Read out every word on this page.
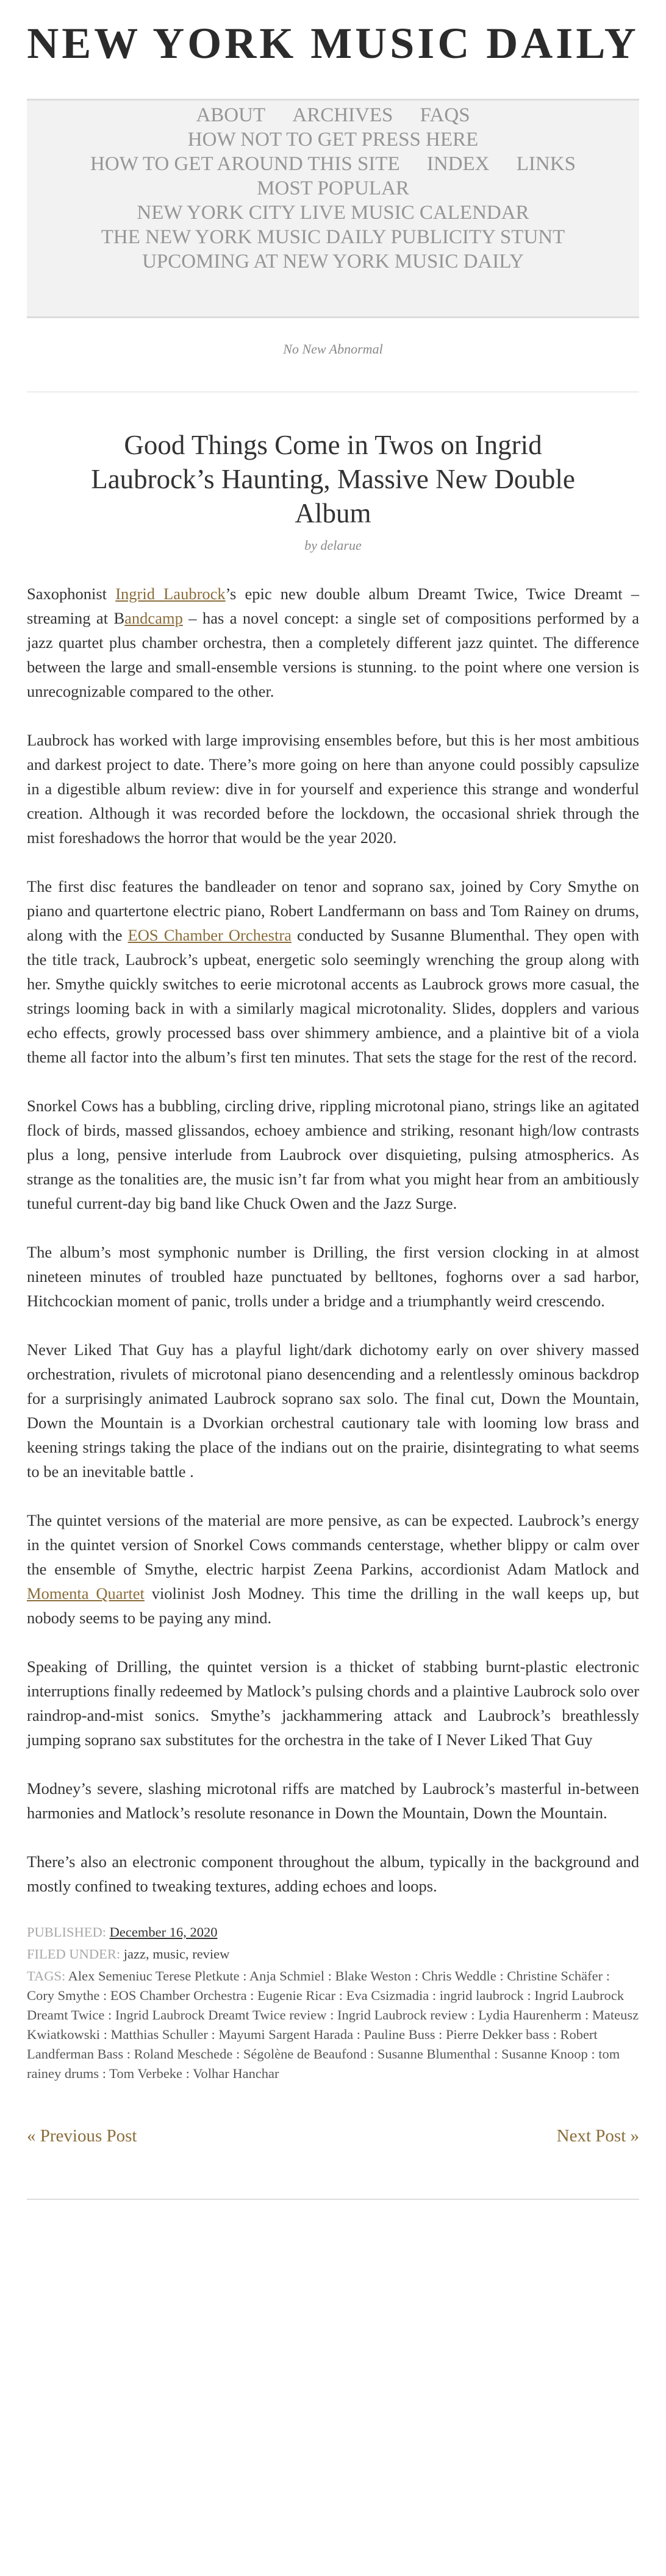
NEW YORK MUSIC DAILY
ABOUT ARCHIVES FAQS
HOW NOT TO GET PRESS HERE
HOW TO GET AROUND THIS SITE INDEX LINKS
MOST POPULAR
NEW YORK CITY LIVE MUSIC CALENDAR
THE NEW YORK MUSIC DAILY PUBLICITY STUNT
UPCOMING AT NEW YORK MUSIC DAILY
No New Abnormal
Good Things Come in Twos on Ingrid Laubrock’s Haunting, Massive New Double Album
by delarue

Saxophonist Ingrid Laubrock’s epic new double album Dreamt Twice, Twice Dreamt – streaming at Bandcamp – has a novel concept: a single set of compositions performed by a jazz quartet plus chamber orchestra, then a completely different jazz quintet. The difference between the large and small-ensemble versions is stunning. to the point where one version is unrecognizable compared to the other.

Laubrock has worked with large improvising ensembles before, but this is her most ambitious and darkest project to date. There’s more going on here than anyone could possibly capsulize in a digestible album review: dive in for yourself and experience this strange and wonderful creation. Although it was recorded before the lockdown, the occasional shriek through the mist foreshadows the horror that would be the year 2020.

The first disc features the bandleader on tenor and soprano sax, joined by Cory Smythe on piano and quartertone electric piano, Robert Landfermann on bass and Tom Rainey on drums, along with the EOS Chamber Orchestra conducted by Susanne Blumenthal. They open with the title track, Laubrock’s upbeat, energetic solo seemingly wrenching the group along with her. Smythe quickly switches to eerie microtonal accents as Laubrock grows more casual, the strings looming back in with a similarly magical microtonality. Slides, dopplers and various echo effects, growly processed bass over shimmery ambience, and a plaintive bit of a viola theme all factor into the album’s first ten minutes. That sets the stage for the rest of the record.

Snorkel Cows has a bubbling, circling drive, rippling microtonal piano, strings like an agitated flock of birds, massed glissandos, echoey ambience and striking, resonant high/low contrasts plus a long, pensive interlude from Laubrock over disquieting, pulsing atmospherics. As strange as the tonalities are, the music isn’t far from what you might hear from an ambitiously tuneful current-day big band like Chuck Owen and the Jazz Surge.

The album’s most symphonic number is Drilling, the first version clocking in at almost nineteen minutes of troubled haze punctuated by belltones, foghorns over a sad harbor, Hitchcockian moment of panic, trolls under a bridge and a triumphantly weird crescendo.

Never Liked That Guy has a playful light/dark dichotomy early on over shivery massed orchestration, rivulets of microtonal piano desencending and a relentlessly ominous backdrop for a surprisingly animated Laubrock soprano sax solo. The final cut, Down the Mountain, Down the Mountain is a Dvorkian orchestral cautionary tale with looming low brass and keening strings taking the place of the indians out on the prairie, disintegrating to what seems to be an inevitable battle .

The quintet versions of the material are more pensive, as can be expected. Laubrock’s energy in the quintet version of Snorkel Cows commands centerstage, whether blippy or calm over the ensemble of Smythe, electric harpist Zeena Parkins, accordionist Adam Matlock and Momenta Quartet violinist Josh Modney. This time the drilling in the wall keeps up, but nobody seems to be paying any mind.

Speaking of Drilling, the quintet version is a thicket of stabbing burnt-plastic electronic interruptions finally redeemed by Matlock’s pulsing chords and a plaintive Laubrock solo over raindrop-and-mist sonics. Smythe’s jackhammering attack and Laubrock’s breathlessly jumping soprano sax substitutes for the orchestra in the take of I Never Liked That Guy

Modney’s severe, slashing microtonal riffs are matched by Laubrock’s masterful in-between harmonies and Matlock’s resolute resonance in Down the Mountain, Down the Mountain.

There’s also an electronic component throughout the album, typically in the background and mostly confined to tweaking textures, adding echoes and loops.

PUBLISHED: December 16, 2020
FILED UNDER: jazz, music, review
TAGS: Alex Semeniuc Terese Pletkute : Anja Schmiel : Blake Weston : Chris Weddle : Christine Schäfer : Cory Smythe : EOS Chamber Orchestra : Eugenie Ricar : Eva Csizmadia : ingrid laubrock : Ingrid Laubrock Dreamt Twice : Ingrid Laubrock Dreamt Twice review : Ingrid Laubrock review : Lydia Haurenherm : Mateusz Kwiatkowski : Matthias Schuller : Mayumi Sargent Harada : Pauline Buss : Pierre Dekker bass : Robert Landferman Bass : Roland Meschede : Ségolène de Beaufond : Susanne Blumenthal : Susanne Knoop : tom rainey drums : Tom Verbeke : Volhar Hanchar
« Previous Post	Next Post »
